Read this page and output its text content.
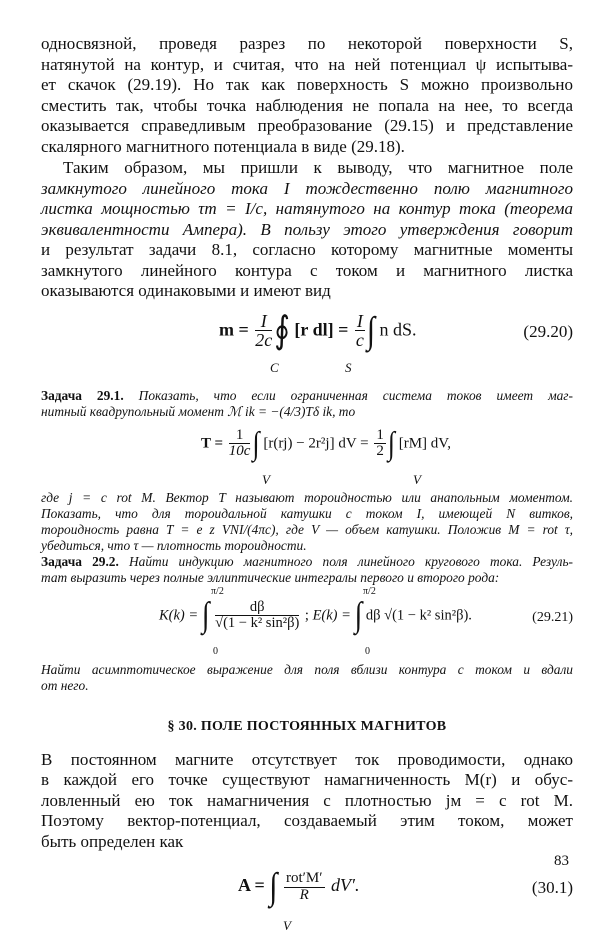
односвязной, проведя разрез по некоторой поверхности S,
натянутой на контур, и считая, что на ней потенциал ψ испытыва-
ет скачок (29.19). Но так как поверхность S можно произвольно
сместить так, чтобы точка наблюдения не попала на нее, то всегда
оказывается справедливым преобразование (29.15) и представление
скалярного магнитного потенциала в виде (29.18).
Таким образом, мы пришли к выводу, что магнитное поле
замкнутого линейного тока I тождественно полю магнитного
листка мощностью τm = I/c, натянутого на контур тока (теорема
эквивалентности Ампера). В пользу этого утверждения говорит
и результат задачи 8.1, согласно которому магнитные моменты
замкнутого линейного контура с током и магнитного листка
оказываются одинаковыми и имеют вид
$m = \frac{I}{2c}$ ∮ [r $dl] = \frac{I}{c}$ ∫ n dS.
C	S
(29.20)
Задача 29.1. Показать, что если ограниченная система токов имеет маг-
нитный квадрупольный момент ℳ ik = −(4/3)Tδ ik, то
$T = \frac{1}{10c}$ ∫ [r(rj) − 2r²j] dV = $\frac{1}{2}$ ∫ [rM] dV,
V	V
где j = c rot M. Вектор T называют тороидностью или анапольным моментом.
Показать, что для тороидальной катушки с током I, имеющей N витков,
тороидность равна T = e z VNI/(4πc), где V — объем катушки. Положив M = rot τ,
убедиться, что τ — плотность тороидности.
Задача 29.2. Найти индукцию магнитного поля линейного кругового тока. Резуль-
тат выразить через полные эллиптические интегралы первого и второго рода:
K(k) = ∫ $\frac{d\beta}{\text{√(1 − k² sin²β)}}$ ; E(k) = ∫ dβ √(1 − k² sin²β).
π/2
0
π/2
0
(29.21)
Найти асимптотическое выражение для поля вблизи контура с током и вдали
от него.
§ 30. ПОЛЕ ПОСТОЯННЫХ МАГНИТОВ
В постоянном магните отсутствует ток проводимости, однако
в каждой его точке существуют намагниченность M(r) и обус-
ловленный ею ток намагничения с плотностью jм = c rot M.
Поэтому вектор-потенциал, создаваемый этим током, может
быть определен как
A = ∫ $\frac{\text{rot′M′}}{R} dV'$.
V
(30.1)
83
